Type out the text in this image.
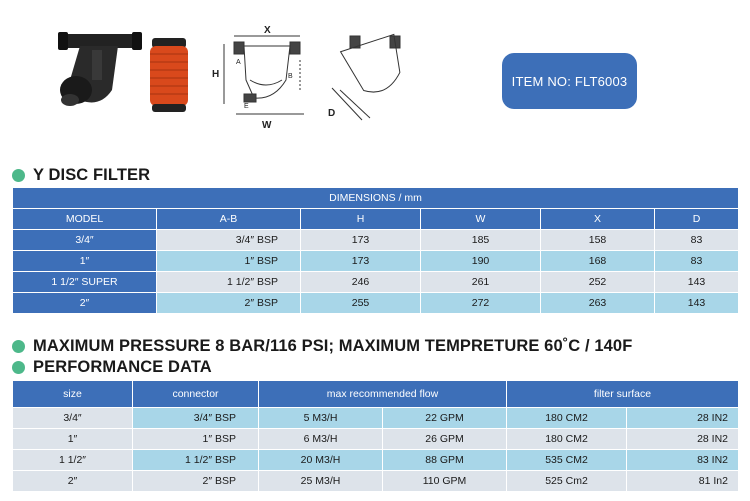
X
H
W
A
B
E
D
ITEM NO: FLT6003
Y DISC FILTER
DIMENSIONS / mm					
MODEL	A-B	H	W	X	D
3/4″	3/4″ BSP	173	185	158	83
1″	1″ BSP	173	190	168	83
1 1/2″ SUPER	1 1/2″ BSP	246	261	252	143
2″	2″ BSP	255	272	263	143
MAXIMUM PRESSURE 8 BAR/116 PSI; MAXIMUM TEMPRETURE 60˚C / 140F
PERFORMANCE DATA
size	connector	max recommended flow		filter surface	
3/4″	3/4″ BSP	5 M3/H	22 GPM	180 CM2	28 IN2
1″	1″ BSP	6 M3/H	26 GPM	180 CM2	28 IN2
1 1/2″	1 1/2″ BSP	20 M3/H	88 GPM	535 CM2	83 IN2
2″	2″ BSP	25 M3/H	110 GPM	525 Cm2	81 In2
